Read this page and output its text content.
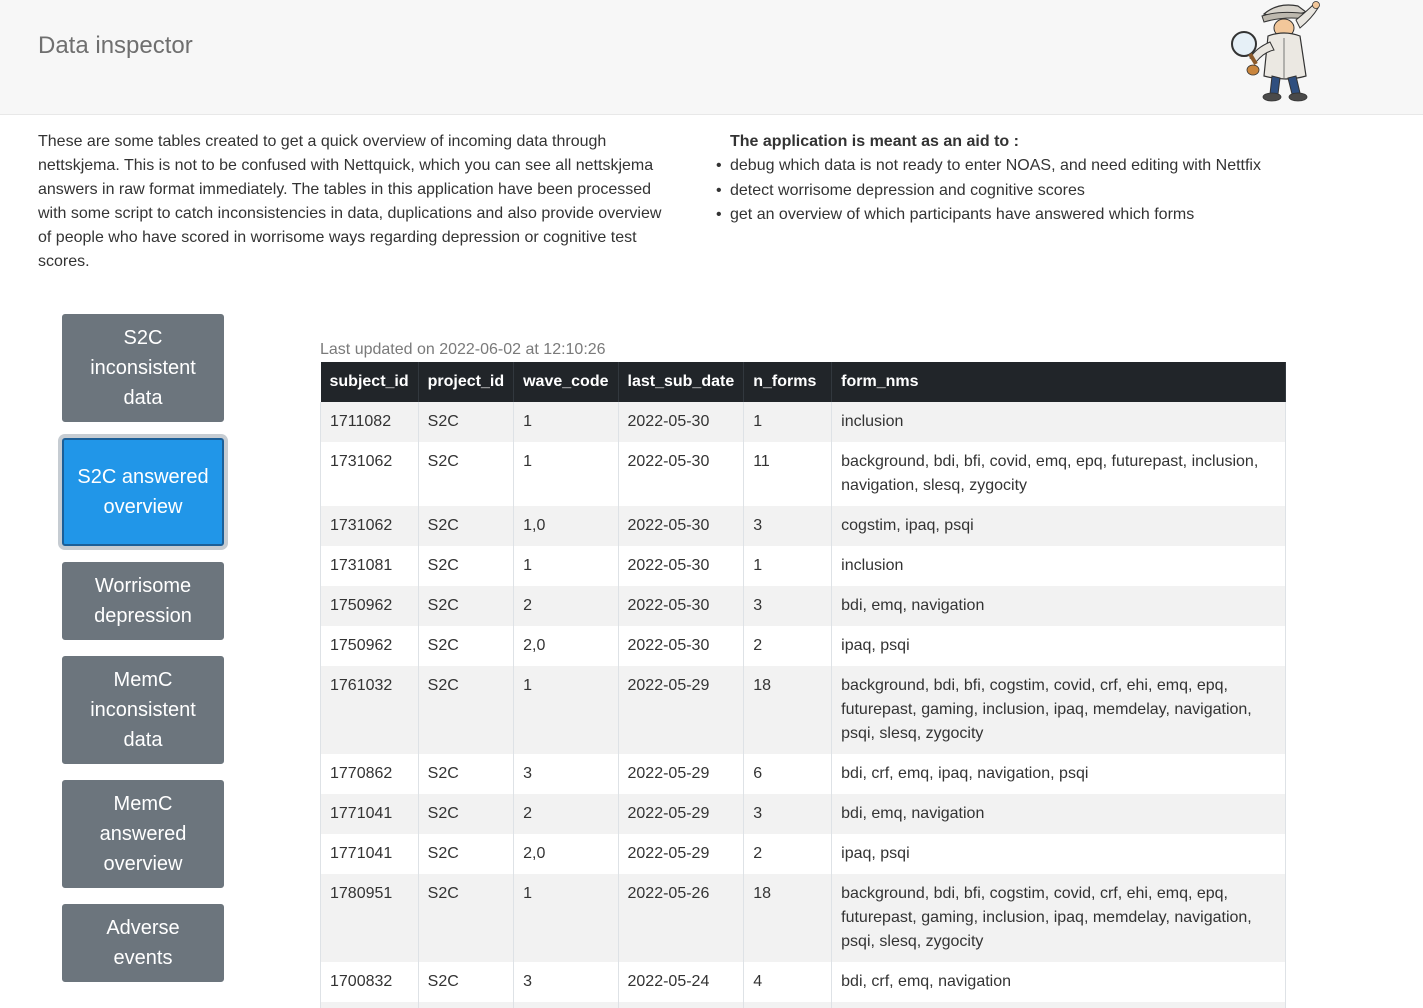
Data inspector
These are some tables created to get a quick overview of incoming data through nettskjema. This is not to be confused with Nettquick, which you can see all nettskjema answers in raw format immediately. The tables in this application have been processed with some script to catch inconsistencies in data, duplications and also provide overview of people who have scored in worrisome ways regarding depression or cognitive test scores.
The application is meant as an aid to :
• debug which data is not ready to enter NOAS, and need editing with Nettfix
• detect worrisome depression and cognitive scores
• get an overview of which participants have answered which forms
S2C inconsistent data
S2C answered overview
Worrisome depression
MemC inconsistent data
MemC answered overview
Adverse events
Last updated on 2022-06-02 at 12:10:26
subject_id	project_id	wave_code	last_sub_date	n_forms	form_nms
1711082	S2C	1	2022-05-30	1	inclusion
1731062	S2C	1	2022-05-30	11	background, bdi, bfi, covid, emq, epq, futurepast, inclusion, navigation, slesq, zygocity
1731062	S2C	1,0	2022-05-30	3	cogstim, ipaq, psqi
1731081	S2C	1	2022-05-30	1	inclusion
1750962	S2C	2	2022-05-30	3	bdi, emq, navigation
1750962	S2C	2,0	2022-05-30	2	ipaq, psqi
1761032	S2C	1	2022-05-29	18	background, bdi, bfi, cogstim, covid, crf, ehi, emq, epq, futurepast, gaming, inclusion, ipaq, memdelay, navigation, psqi, slesq, zygocity
1770862	S2C	3	2022-05-29	6	bdi, crf, emq, ipaq, navigation, psqi
1771041	S2C	2	2022-05-29	3	bdi, emq, navigation
1771041	S2C	2,0	2022-05-29	2	ipaq, psqi
1780951	S2C	1	2022-05-26	18	background, bdi, bfi, cogstim, covid, crf, ehi, emq, epq, futurepast, gaming, inclusion, ipaq, memdelay, navigation, psqi, slesq, zygocity
1700832	S2C	3	2022-05-24	4	bdi, crf, emq, navigation
